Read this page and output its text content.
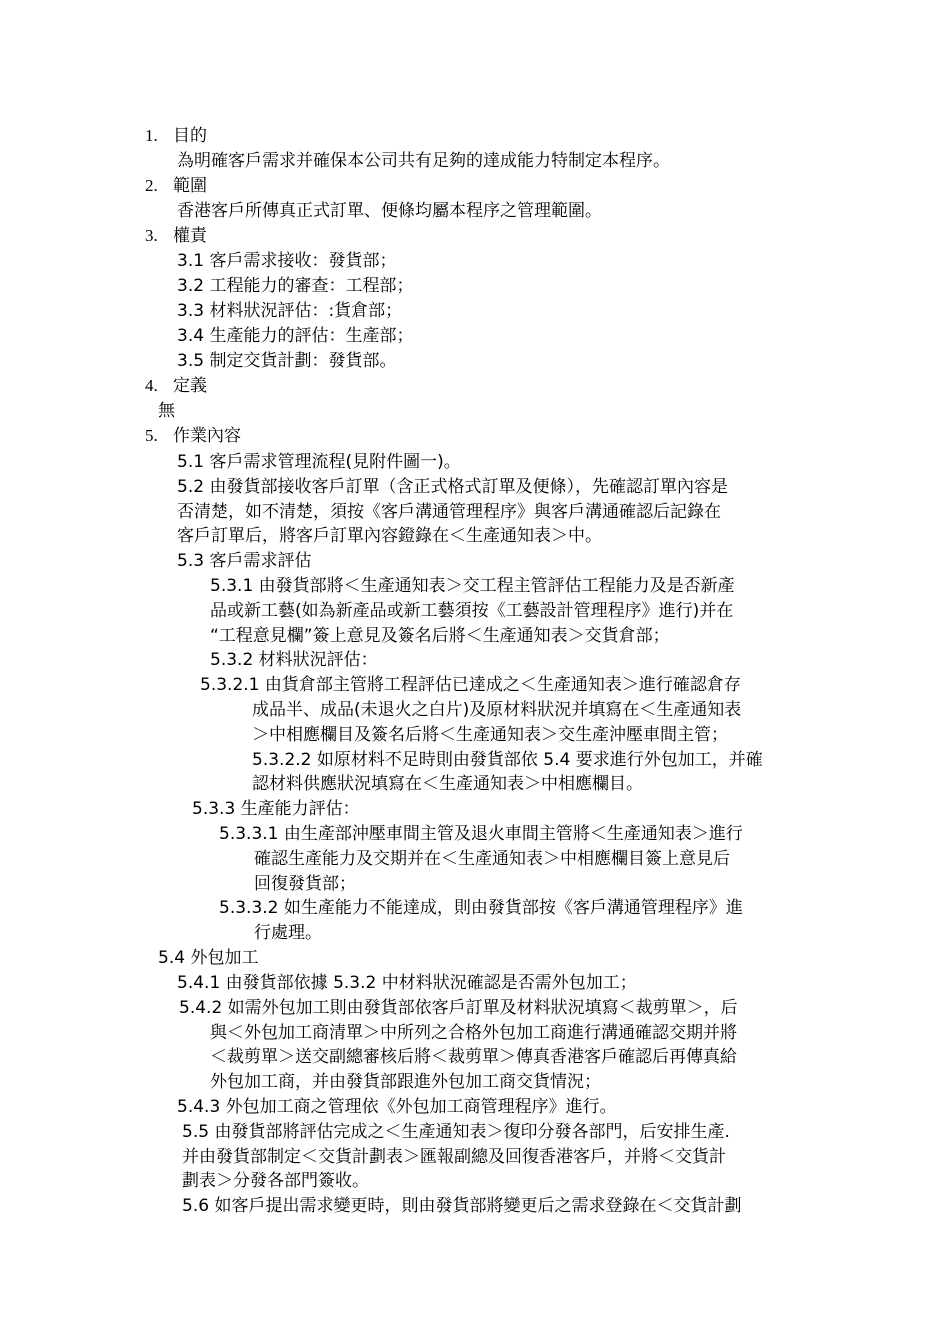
1. 目的
為明確客戶需求并確保本公司共有足夠的達成能力特制定本程序。
2. 範圍
香港客戶所傳真正式訂單、便條均屬本程序之管理範圍。
3. 權責
3.1 客戶需求接收：發貨部；
3.2 工程能力的審查：工程部；
3.3 材料狀況評估：:貨倉部；
3.4 生產能力的評估：生產部；
3.5 制定交貨計劃：發貨部。
4. 定義
無
5. 作業內容
5.1 客戶需求管理流程(見附件圖一)。
5.2 由發貨部接收客戶訂單（含正式格式訂單及便條），先確認訂單內容是
否清楚，如不清楚，須按《客戶溝通管理程序》與客戶溝通確認后記錄在
客戶訂單后，將客戶訂單內容鐙錄在＜生產通知表＞中。
5.3 客戶需求評估
5.3.1 由發貨部將＜生產通知表＞交工程主管評估工程能力及是否新產
品或新工藝(如為新產品或新工藝須按《工藝設計管理程序》進行)并在
“工程意見欄”簽上意見及簽名后將＜生產通知表＞交貨倉部；
5.3.2 材料狀況評估：
5.3.2.1 由貨倉部主管將工程評估已達成之＜生產通知表＞進行確認倉存
成品半、成品(未退火之白片)及原材料狀況并填寫在＜生產通知表
＞中相應欄目及簽名后將＜生產通知表＞交生產沖壓車間主管；
5.3.2.2 如原材料不足時則由發貨部依 5.4 要求進行外包加工，并確
認材料供應狀況填寫在＜生產通知表＞中相應欄目。
5.3.3 生產能力評估：
5.3.3.1 由生產部沖壓車間主管及退火車間主管將＜生產通知表＞進行
確認生產能力及交期并在＜生產通知表＞中相應欄目簽上意見后
回復發貨部；
5.3.3.2 如生產能力不能達成，則由發貨部按《客戶溝通管理程序》進
行處理。
5.4 外包加工
5.4.1 由發貨部依據 5.3.2 中材料狀況確認是否需外包加工；
5.4.2 如需外包加工則由發貨部依客戶訂單及材料狀況填寫＜裁剪單＞，后
與＜外包加工商清單＞中所列之合格外包加工商進行溝通確認交期并將
＜裁剪單＞送交副總審核后將＜裁剪單＞傳真香港客戶確認后再傳真給
外包加工商，并由發貨部跟進外包加工商交貨情況；
5.4.3 外包加工商之管理依《外包加工商管理程序》進行。
5.5 由發貨部將評估完成之＜生產通知表＞復印分發各部門，后安排生產.
并由發貨部制定＜交貨計劃表＞匯報副總及回復香港客戶，并將＜交貨計
劃表＞分發各部門簽收。
5.6 如客戶提出需求變更時，則由發貨部將變更后之需求登錄在＜交貨計劃
